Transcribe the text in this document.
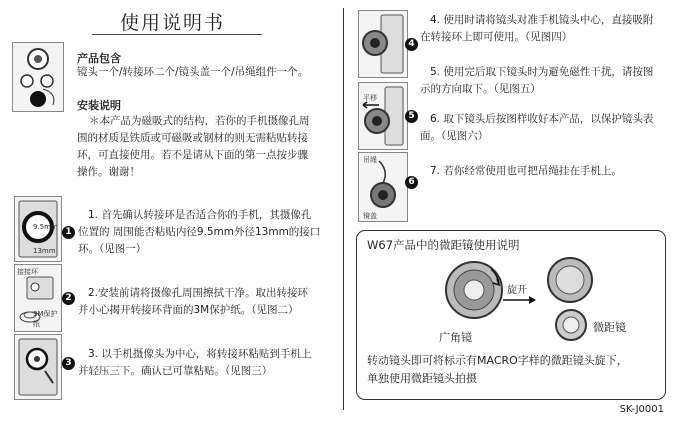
使用说明书
产品包含
镜头一个/转接环二个/镜头盖一个/吊绳组件一个。
安装说明
＊本产品为磁吸式的结构，若你的手机摄像孔周
围的材质是铁质或可磁吸或钢材的则无需粘贴转接
环，可直接使用。若不是请从下面的第一点按步骤
操作。谢谢！
9.5mm
13mm
1
1. 首先确认转接环是否适合你的手机，其摄像孔
位置的 周围能否粘贴内径9.5mm外径13mm的接口
环。（见图一）
接接环
3M保护纸
2	2.安装前请将摄像孔周围擦拭干净。取出转接环
并小心揭开转接环背面的3M保护纸。（见图二）
3
3. 以手机摄像头为中心，将转接环粘贴到手机上
并轻压三下。确认已可靠粘贴。（见图三）
4
4. 使用时请将镜头对准手机镜头中心，直接吸附
在转接环上即可使用。（见图四）
平移
5
5. 使用完后取下镜头时为避免磁性干扰，请按图
示的方向取下。（见图五）
吊绳
镜盖
6
6. 取下镜头后按图样收好本产品，以保护镜头表
面。（见图六）
7. 若你经常使用也可把吊绳挂在手机上。
W67产品中的微距镜使用说明
广角镜
旋开
微距镜
转动镜头即可将标示有MACRO字样的微距镜头旋下，
单独使用微距镜头拍摄
SK-J0001
